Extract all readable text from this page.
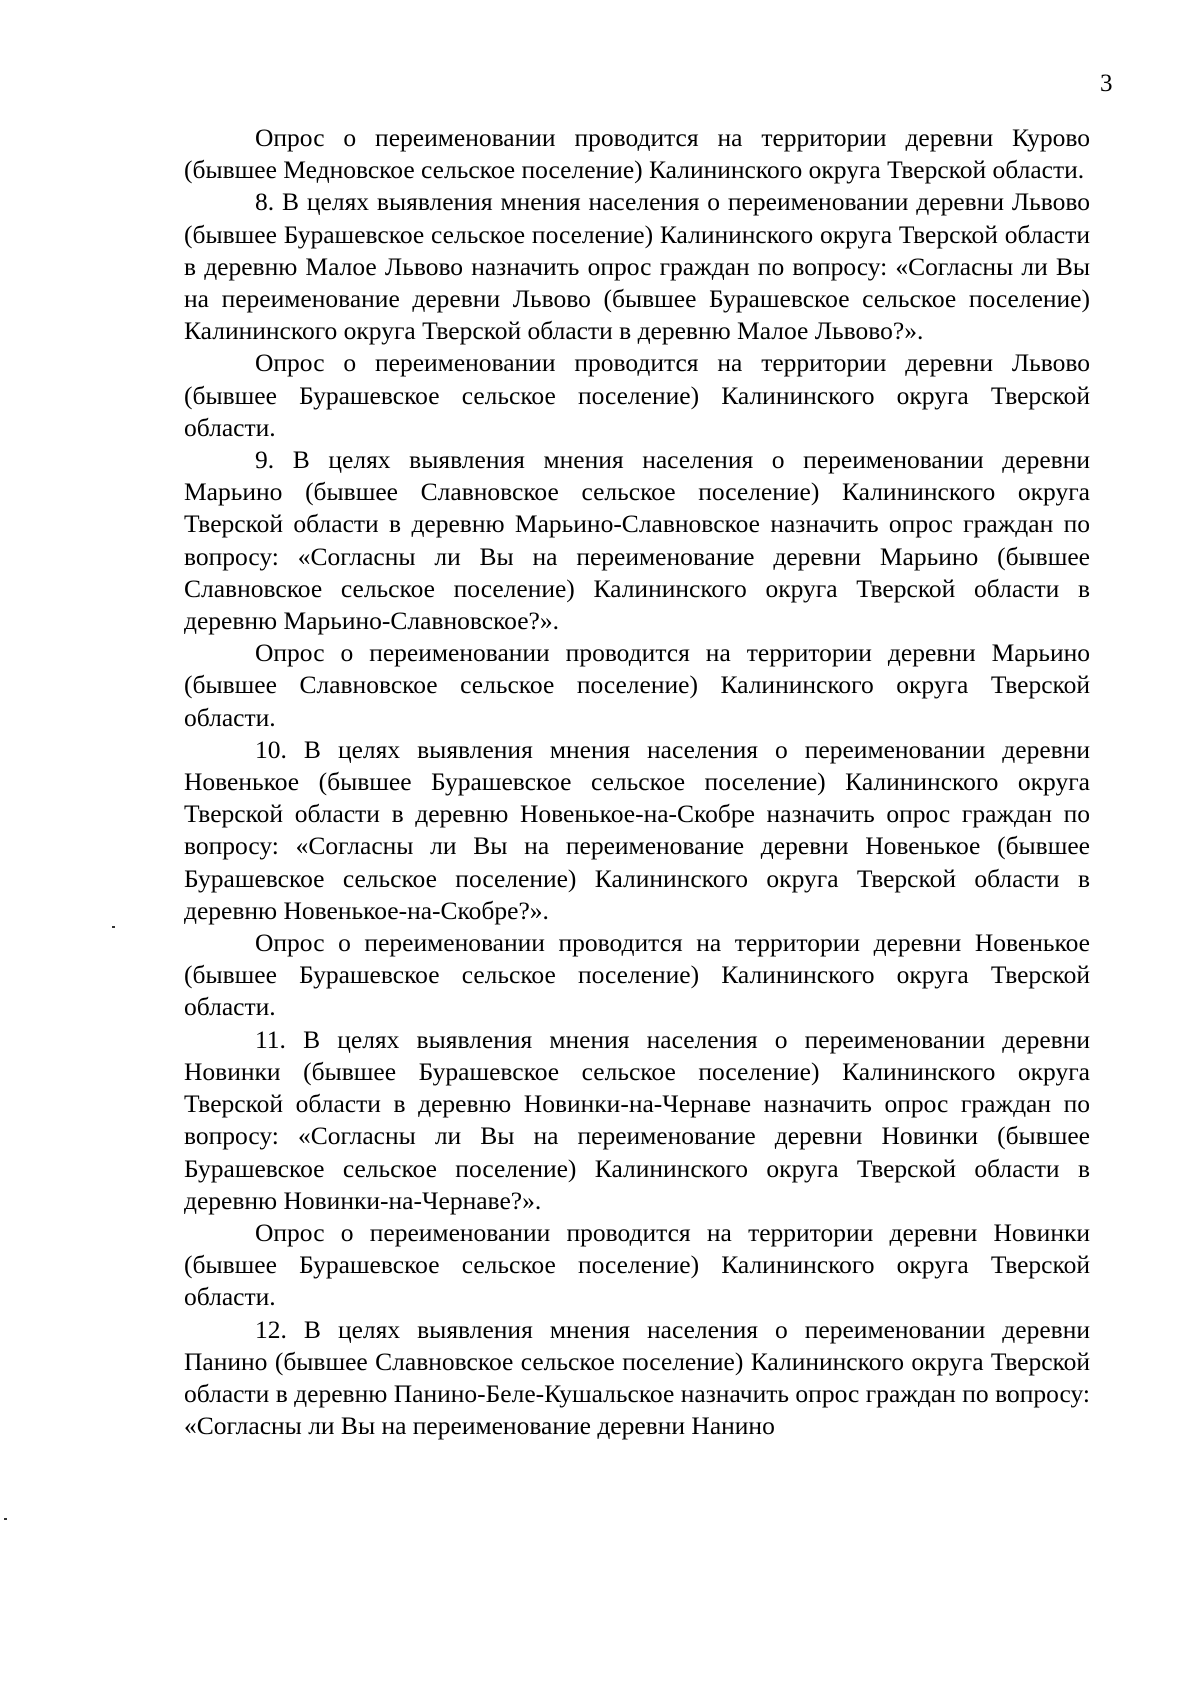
3

Опрос о переименовании проводится на территории деревни Курово (бывшее Медновское сельское поселение) Калининского округа Тверской области.

8. В целях выявления мнения населения о переименовании деревни Львово (бывшее Бурашевское сельское поселение) Калининского округа Тверской области в деревню Малое Львово назначить опрос граждан по вопросу: «Согласны ли Вы на переименование деревни Львово (бывшее Бурашевское сельское поселение) Калининского округа Тверской области в деревню Малое Львово?».

Опрос о переименовании проводится на территории деревни Львово (бывшее Бурашевское сельское поселение) Калининского округа Тверской области.

9. В целях выявления мнения населения о переименовании деревни Марьино (бывшее Славновское сельское поселение) Калининского округа Тверской области в деревню Марьино-Славновское назначить опрос граждан по вопросу: «Согласны ли Вы на переименование деревни Марьино (бывшее Славновское сельское поселение) Калининского округа Тверской области в деревню Марьино-Славновское?».

Опрос о переименовании проводится на территории деревни Марьино (бывшее Славновское сельское поселение) Калининского округа Тверской области.

10. В целях выявления мнения населения о переименовании деревни Новенькое (бывшее Бурашевское сельское поселение) Калининского округа Тверской области в деревню Новенькое-на-Скобре назначить опрос граждан по вопросу: «Согласны ли Вы на переименование деревни Новенькое (бывшее Бурашевское сельское поселение) Калининского округа Тверской области в деревню Новенькое-на-Скобре?».

Опрос о переименовании проводится на территории деревни Новенькое (бывшее Бурашевское сельское поселение) Калининского округа Тверской области.

11. В целях выявления мнения населения о переименовании деревни Новинки (бывшее Бурашевское сельское поселение) Калининского округа Тверской области в деревню Новинки-на-Чернаве назначить опрос граждан по вопросу: «Согласны ли Вы на переименование деревни Новинки (бывшее Бурашевское сельское поселение) Калининского округа Тверской области в деревню Новинки-на-Чернаве?».

Опрос о переименовании проводится на территории деревни Новинки (бывшее Бурашевское сельское поселение) Калининского округа Тверской области.

12. В целях выявления мнения населения о переименовании деревни Панино (бывшее Славновское сельское поселение) Калининского округа Тверской области в деревню Панино-Беле-Кушальское назначить опрос граждан по вопросу: «Согласны ли Вы на переименование деревни Нанино
